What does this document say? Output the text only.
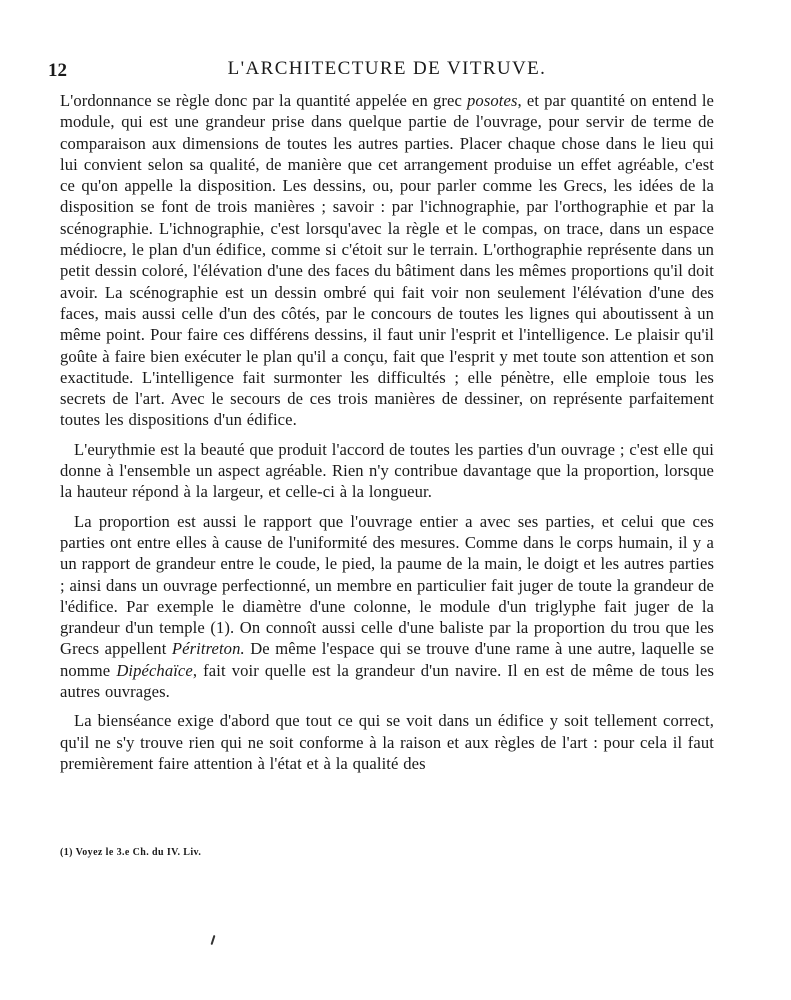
12	L'ARCHITECTURE DE VITRUVE.

L'ordonnance se règle donc par la quantité appelée en grec posotes, et par quantité on entend le module, qui est une grandeur prise dans quelque partie de l'ouvrage, pour servir de terme de comparaison aux dimensions de toutes les autres parties. Placer chaque chose dans le lieu qui lui convient selon sa qualité, de manière que cet arrangement produise un effet agréable, c'est ce qu'on appelle la disposition. Les dessins, ou, pour parler comme les Grecs, les idées de la disposition se font de trois manières ; savoir : par l'ichnographie, par l'orthographie et par la scénographie. L'ichnographie, c'est lorsqu'avec la règle et le compas, on trace, dans un espace médiocre, le plan d'un édifice, comme si c'étoit sur le terrain. L'orthographie représente dans un petit dessin coloré, l'élévation d'une des faces du bâtiment dans les mêmes proportions qu'il doit avoir. La scénographie est un dessin ombré qui fait voir non seulement l'élévation d'une des faces, mais aussi celle d'un des côtés, par le concours de toutes les lignes qui aboutissent à un même point. Pour faire ces différens dessins, il faut unir l'esprit et l'intelligence. Le plaisir qu'il goûte à faire bien exécuter le plan qu'il a conçu, fait que l'esprit y met toute son attention et son exactitude. L'intelligence fait surmonter les difficultés ; elle pénètre, elle emploie tous les secrets de l'art. Avec le secours de ces trois manières de dessiner, on représente parfaitement toutes les dispositions d'un édifice.

L'eurythmie est la beauté que produit l'accord de toutes les parties d'un ouvrage ; c'est elle qui donne à l'ensemble un aspect agréable. Rien n'y contribue davantage que la proportion, lorsque la hauteur répond à la largeur, et celle-ci à la longueur.

La proportion est aussi le rapport que l'ouvrage entier a avec ses parties, et celui que ces parties ont entre elles à cause de l'uniformité des mesures. Comme dans le corps humain, il y a un rapport de grandeur entre le coude, le pied, la paume de la main, le doigt et les autres parties ; ainsi dans un ouvrage perfectionné, un membre en particulier fait juger de toute la grandeur de l'édifice. Par exemple le diamètre d'une colonne, le module d'un triglyphe fait juger de la grandeur d'un temple (1). On connoît aussi celle d'une baliste par la proportion du trou que les Grecs appellent Péritreton. De même l'espace qui se trouve d'une rame à une autre, laquelle se nomme Dipéchaïce, fait voir quelle est la grandeur d'un navire. Il en est de même de tous les autres ouvrages.

La bienséance exige d'abord que tout ce qui se voit dans un édifice y soit tellement correct, qu'il ne s'y trouve rien qui ne soit conforme à la raison et aux règles de l'art : pour cela il faut premièrement faire attention à l'état et à la qualité des

(1) Voyez le 3.e Ch. du IV. Liv.
